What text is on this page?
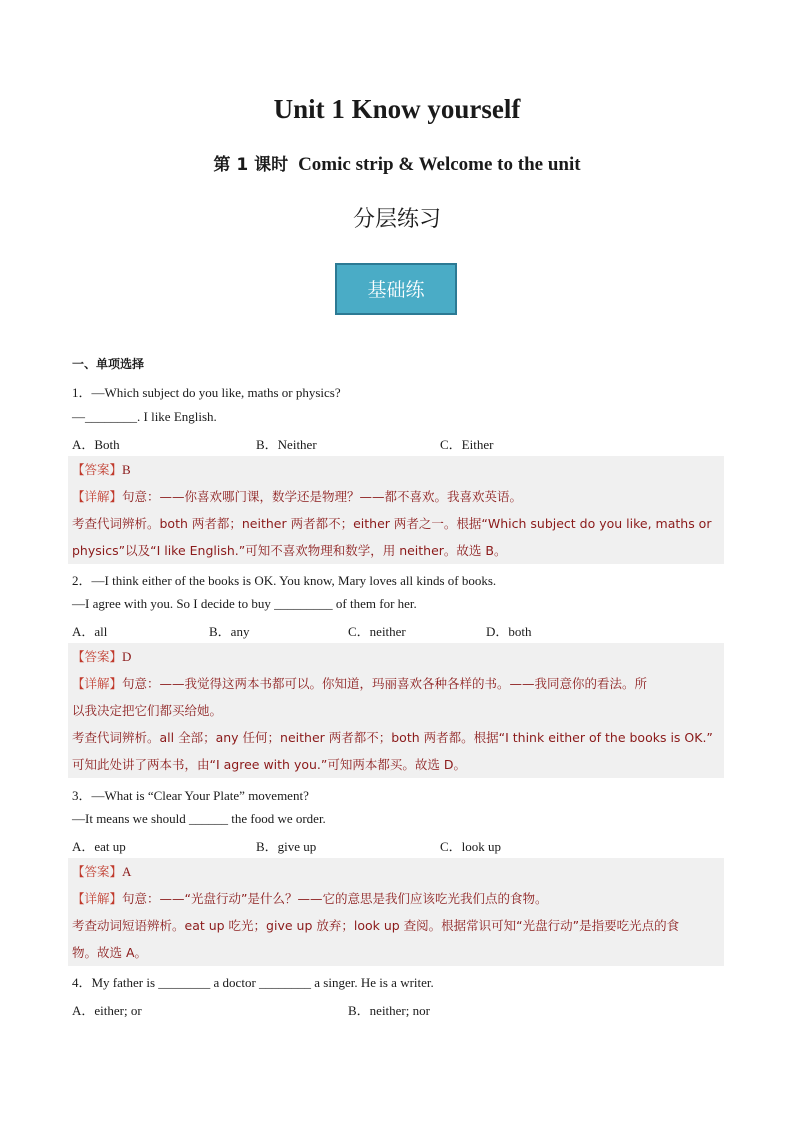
Unit 1 Know yourself
第 1 课时 Comic strip & Welcome to the unit
分层练习
基础练
一、单项选择
1．—Which subject do you like, maths or physics?
—________. I like English.
A．Both	B．Neither	C．Either
【答案】B
【详解】句意：——你喜欢哪门课，数学还是物理？——都不喜欢。我喜欢英语。
考查代词辨析。both 两者都；neither 两者都不；either 两者之一。根据“Which subject do you like, maths or
physics”以及“I like English.”可知不喜欢物理和数学，用 neither。故选 B。
2．—I think either of the books is OK. You know, Mary loves all kinds of books.
—I agree with you. So I decide to buy _________ of them for her.
A．all	B．any	C．neither	D．both
【答案】D
【详解】句意：——我觉得这两本书都可以。你知道，玛丽喜欢各种各样的书。——我同意你的看法。所
以我决定把它们都买给她。
考查代词辨析。all 全部；any 任何；neither 两者都不；both 两者都。根据“I think either of the books is OK.”
可知此处讲了两本书，由“I agree with you.”可知两本都买。故选 D。
3．—What is “Clear Your Plate” movement?
—It means we should ______ the food we order.
A．eat up	B．give up	C．look up
【答案】A
【详解】句意：——“光盘行动”是什么？——它的意思是我们应该吃光我们点的食物。
考查动词短语辨析。eat up 吃光；give up 放弃；look up 查阅。根据常识可知“光盘行动”是指要吃光点的食
物。故选 A。
4．My father is ________ a doctor ________ a singer. He is a writer.
A．either; or	B．neither; nor
